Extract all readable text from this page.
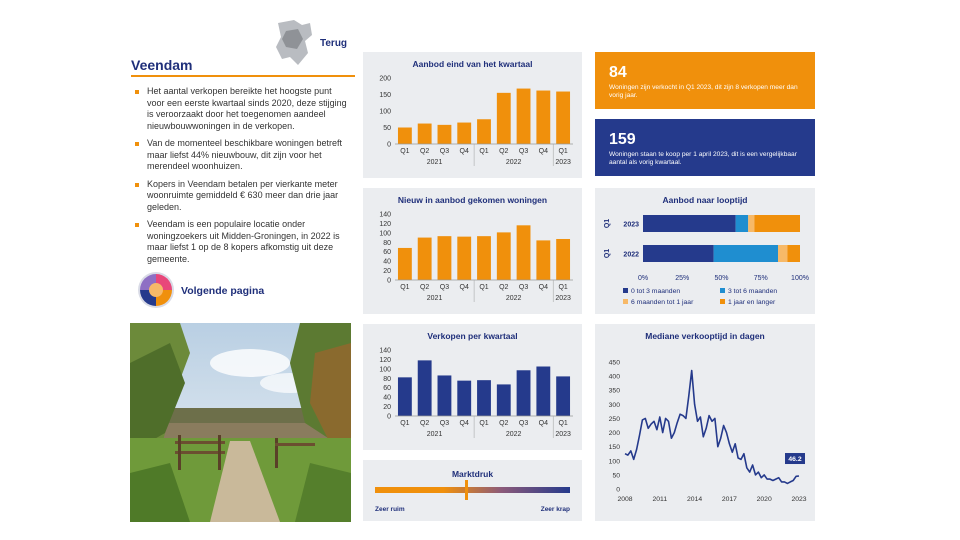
Terug
Veendam
Het aantal verkopen bereikte het hoogste punt voor een eerste kwartaal sinds 2020, deze stijging is veroorzaakt door het toegenomen aandeel nieuwbouwwoningen in de verkopen.
Van de momenteel beschikbare woningen betreft maar liefst 44% nieuwbouw, dit zijn voor het merendeel woonhuizen.
Kopers in Veendam betalen per vierkante meter woonruimte gemiddeld € 630 meer dan drie jaar geleden.
Veendam is een populaire locatie onder woningzoekers uit Midden-Groningen, in 2022 is maar liefst 1 op de 8 kopers afkomstig uit deze gemeente.
Volgende pagina
Aanbod eind van het kwartaal
0
50
100
150
200
Q1 Q2 Q3 Q4 Q1 Q2 Q3 Q4 Q1
2021	2022	2023
Nieuw in aanbod gekomen woningen
0
20
40
60
80
100
120
140
Q1 Q2 Q3 Q4 Q1 Q2 Q3 Q4 Q1
2021	2022	2023
Verkopen per kwartaal
0
20
40
60
80
100
120
140
Q1 Q2 Q3 Q4 Q1 Q2 Q3 Q4 Q1
2021	2022	2023
Marktdruk
Zeer ruim	Zeer krap
84
Woningen zijn verkocht in Q1 2023, dit zijn 8 verkopen meer dan vorig jaar.
159
Woningen staan te koop per 1 april 2023, dit is een vergelijkbaar aantal als vorig kwartaal.
Aanbod naar looptijd
2023
Q1
2022
Q1
0%	25%	50%	75%	100%
0 tot 3 maanden	3 tot 6 maanden
6 maanden tot 1 jaar	1 jaar en langer
Mediane verkooptijd in dagen
0
50
100
150
200
250
300
350
400
450
2008	2011	2014	2017	2020	2023
46.2
